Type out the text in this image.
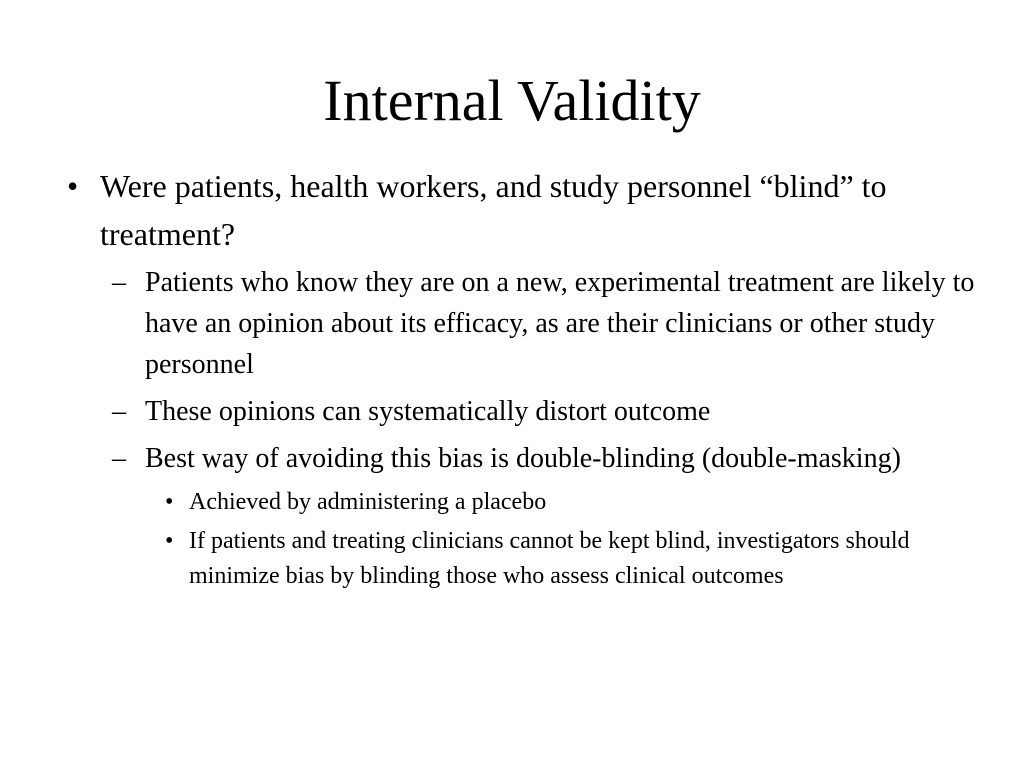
Internal Validity
• Were patients, health workers, and study personnel “blind” to treatment?
– Patients who know they are on a new, experimental treatment are likely to have an opinion about its efficacy, as are their clinicians or other study personnel
– These opinions can systematically distort outcome
– Best way of avoiding this bias is double-blinding (double-masking)
• Achieved by administering a placebo
• If patients and treating clinicians cannot be kept blind, investigators should minimize bias by blinding those who assess clinical outcomes
